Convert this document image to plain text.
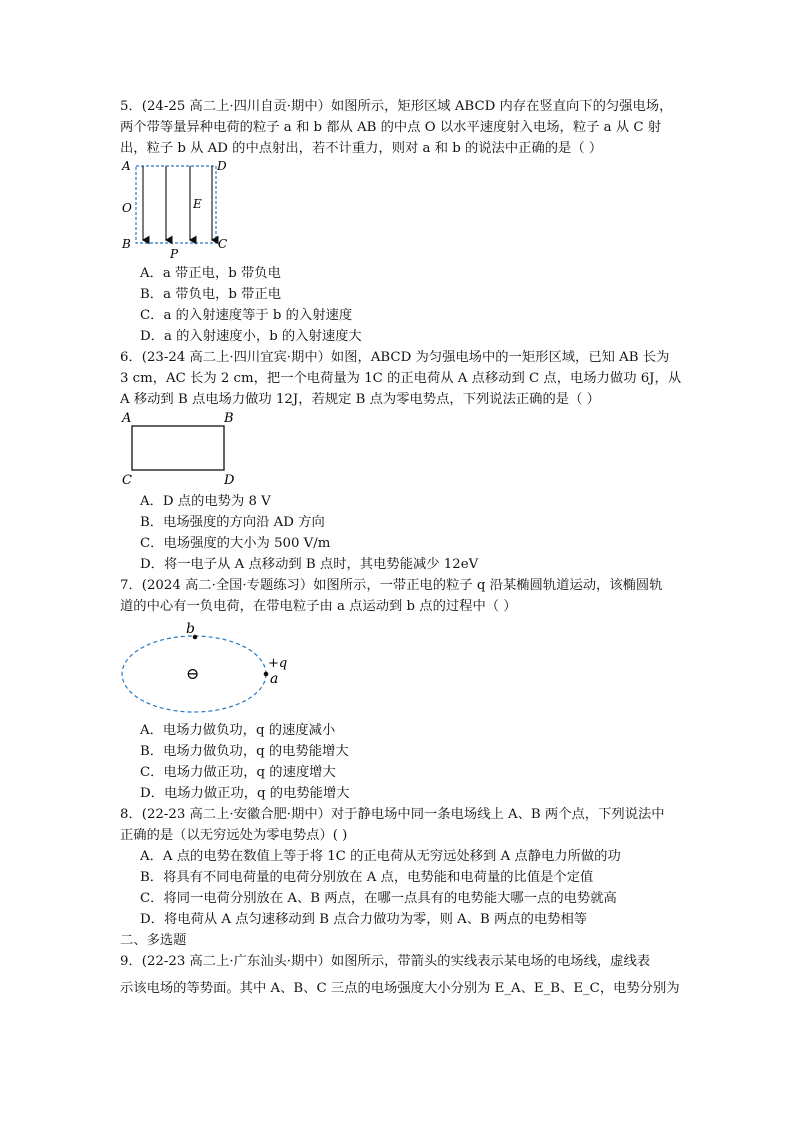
5．(24-25 高二上·四川自贡·期中）如图所示，矩形区域 ABCD 内存在竖直向下的匀强电场，
两个带等量异种电荷的粒子 a 和 b 都从 AB 的中点 O 以水平速度射入电场，粒子 a 从 C 射
出，粒子 b 从 AD 的中点射出，若不计重力，则对 a 和 b 的说法中正确的是（ ）
A	D
O	E
B	C
P
A．a 带正电，b 带负电
B．a 带负电，b 带正电
C．a 的入射速度等于 b 的入射速度
D．a 的入射速度小，b 的入射速度大
6．(23-24 高二上·四川宜宾·期中）如图，ABCD 为匀强电场中的一矩形区域，已知 AB 长为
3 cm，AC 长为 2 cm，把一个电荷量为 1C 的正电荷从 A 点移动到 C 点，电场力做功 6J，从
A 移动到 B 点电场力做功 12J，若规定 B 点为零电势点，下列说法正确的是（ ）
A	B
C	D
A．D 点的电势为 8 V
B．电场强度的方向沿 AD 方向
C．电场强度的大小为 500 V/m
D．将一电子从 A 点移动到 B 点时，其电势能减少 12eV
7．(2024 高二·全国·专题练习）如图所示，一带正电的粒子 q 沿某椭圆轨道运动，该椭圆轨
道的中心有一负电荷，在带电粒子由 a 点运动到 b 点的过程中（ ）
b
+q
a
⊖
A．电场力做负功，q 的速度减小
B．电场力做负功，q 的电势能增大
C．电场力做正功，q 的速度增大
D．电场力做正功，q 的电势能增大
8．(22-23 高二上·安徽合肥·期中）对于静电场中同一条电场线上 A、B 两个点，下列说法中
正确的是（以无穷远处为零电势点）( )
A．A 点的电势在数值上等于将 1C 的正电荷从无穷远处移到 A 点静电力所做的功
B．将具有不同电荷量的电荷分别放在 A 点，电势能和电荷量的比值是个定值
C．将同一电荷分别放在 A、B 两点，在哪一点具有的电势能大哪一点的电势就高
D．将电荷从 A 点匀速移动到 B 点合力做功为零，则 A、B 两点的电势相等
二、多选题
9．(22-23 高二上·广东汕头·期中）如图所示，带箭头的实线表示某电场的电场线，虚线表
示该电场的等势面。其中 A、B、C 三点的电场强度大小分别为 E_A、E_B、E_C，电势分别为
